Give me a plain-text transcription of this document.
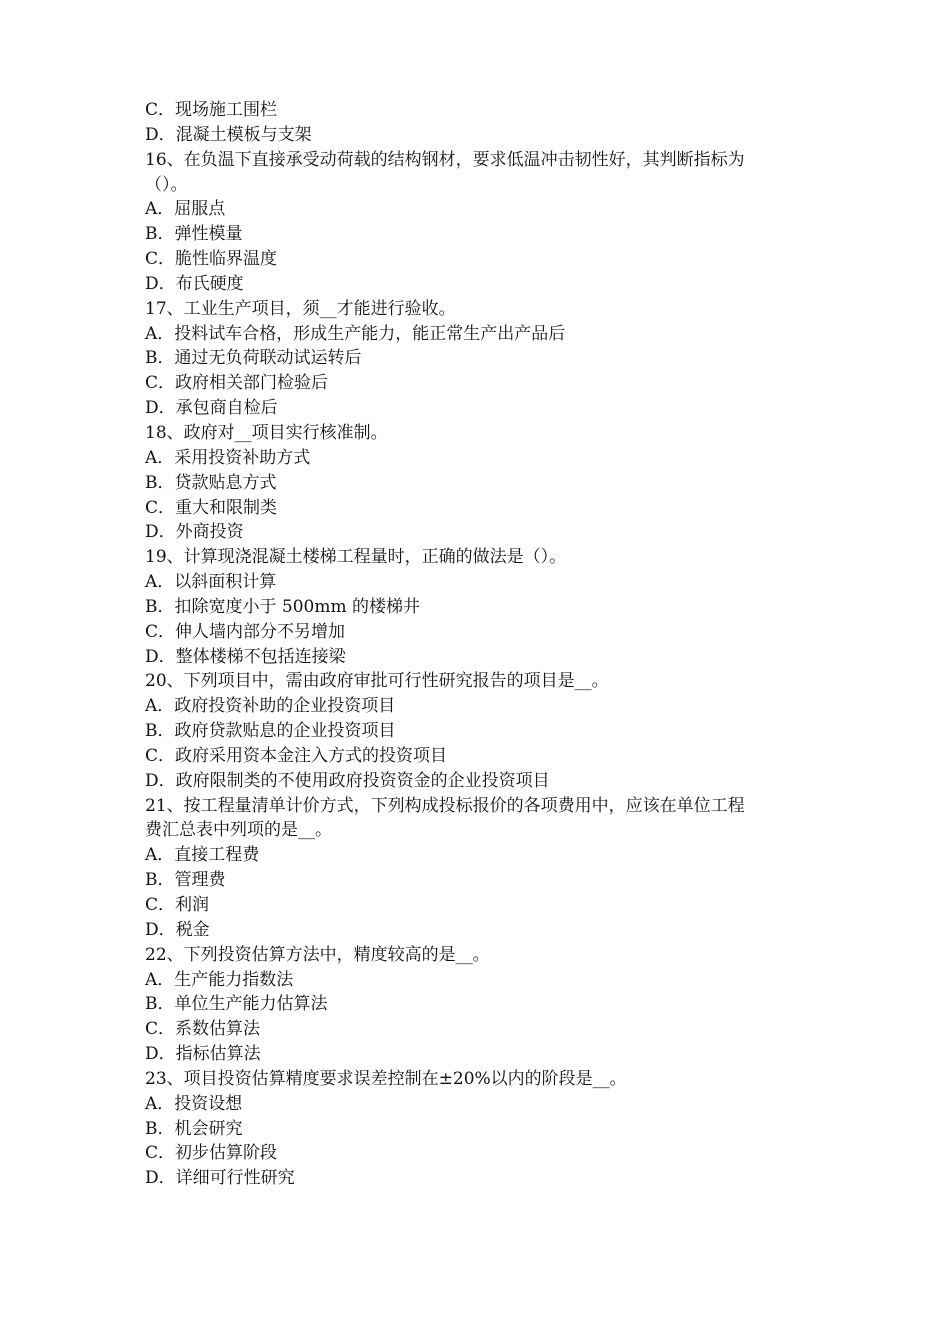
C．现场施工围栏
D．混凝土模板与支架
16、在负温下直接承受动荷载的结构钢材，要求低温冲击韧性好，其判断指标为
（）。
A．屈服点
B．弹性模量
C．脆性临界温度
D．布氏硬度
17、工业生产项目，须__才能进行验收。
A．投料试车合格，形成生产能力，能正常生产出产品后
B．通过无负荷联动试运转后
C．政府相关部门检验后
D．承包商自检后
18、政府对__项目实行核准制。
A．采用投资补助方式
B．贷款贴息方式
C．重大和限制类
D．外商投资
19、计算现浇混凝土楼梯工程量时，正确的做法是（）。
A．以斜面积计算
B．扣除宽度小于 500mm 的楼梯井
C．伸人墙内部分不另增加
D．整体楼梯不包括连接梁
20、下列项目中，需由政府审批可行性研究报告的项目是__。
A．政府投资补助的企业投资项目
B．政府贷款贴息的企业投资项目
C．政府采用资本金注入方式的投资项目
D．政府限制类的不使用政府投资资金的企业投资项目
21、按工程量清单计价方式，下列构成投标报价的各项费用中，应该在单位工程
费汇总表中列项的是__。
A．直接工程费
B．管理费
C．利润
D．税金
22、下列投资估算方法中，精度较高的是__。
A．生产能力指数法
B．单位生产能力估算法
C．系数估算法
D．指标估算法
23、项目投资估算精度要求误差控制在±20%以内的阶段是__。
A．投资设想
B．机会研究
C．初步估算阶段
D．详细可行性研究
